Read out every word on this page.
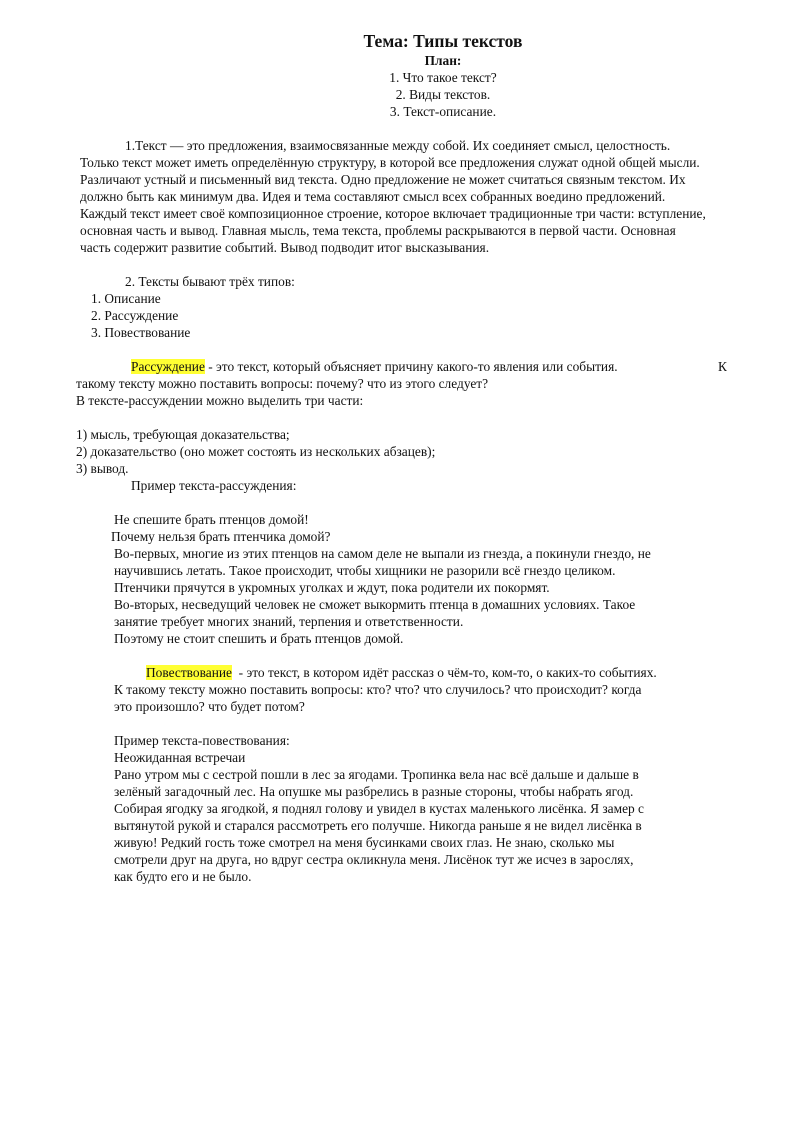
Тема: Типы текстов
План:
1. Что такое текст?
2. Виды текстов.
3. Текст-описание.
1.Текст — это предложения, взаимосвязанные между собой. Их соединяет смысл, целостность.
Только текст может иметь определённую структуру, в которой все предложения служат одной общей мысли.
Различают устный и письменный вид текста. Одно предложение не может считаться связным текстом. Их
должно быть как минимум два. Идея и тема составляют смысл всех собранных воедино предложений.
Каждый текст имеет своё композиционное строение, которое включает традиционные три части: вступление,
основная часть и вывод. Главная мысль, тема текста, проблемы раскрываются в первой части. Основная
часть содержит развитие событий. Вывод подводит итог высказывания.
2. Тексты бывают трёх типов:
1. Описание
2. Рассуждение
3. Повествование
Рассуждение - это текст, который объясняет причину какого-то явления или события.	К
такому тексту можно поставить вопросы: почему? что из этого следует?
В тексте-рассуждении можно выделить три части:
1) мысль, требующая доказательства;
2) доказательство (оно может состоять из нескольких абзацев);
3) вывод.
Пример текста-рассуждения:
Не спешите брать птенцов домой!
Почему нельзя брать птенчика домой?
Во-первых, многие из этих птенцов на самом деле не выпали из гнезда, а покинули гнездо, не
научившись летать. Такое происходит, чтобы хищники не разорили всё гнездо целиком.
Птенчики прячутся в укромных уголках и ждут, пока родители их покормят.
Во-вторых, несведущий человек не сможет выкормить птенца в домашних условиях. Такое
занятие требует многих знаний, терпения и ответственности.
Поэтому не стоит спешить и брать птенцов домой.
Повествование  - это текст, в котором идёт рассказ о чём-то, ком-то, о каких-то событиях.
К такому тексту можно поставить вопросы: кто? что? что случилось? что происходит? когда
это произошло? что будет потом?
Пример текста-повествования:
Неожиданная встречаи
Рано утром мы с сестрой пошли в лес за ягодами. Тропинка вела нас всё дальше и дальше в
зелёный загадочный лес. На опушке мы разбрелись в разные стороны, чтобы набрать ягод.
Собирая ягодку за ягодкой, я поднял голову и увидел в кустах маленького лисёнка. Я замер с
вытянутой рукой и старался рассмотреть его получше. Никогда раньше я не видел лисёнка в
живую! Редкий гость тоже смотрел на меня бусинками своих глаз. Не знаю, сколько мы
смотрели друг на друга, но вдруг сестра окликнула меня. Лисёнок тут же исчез в зарослях,
как будто его и не было.
